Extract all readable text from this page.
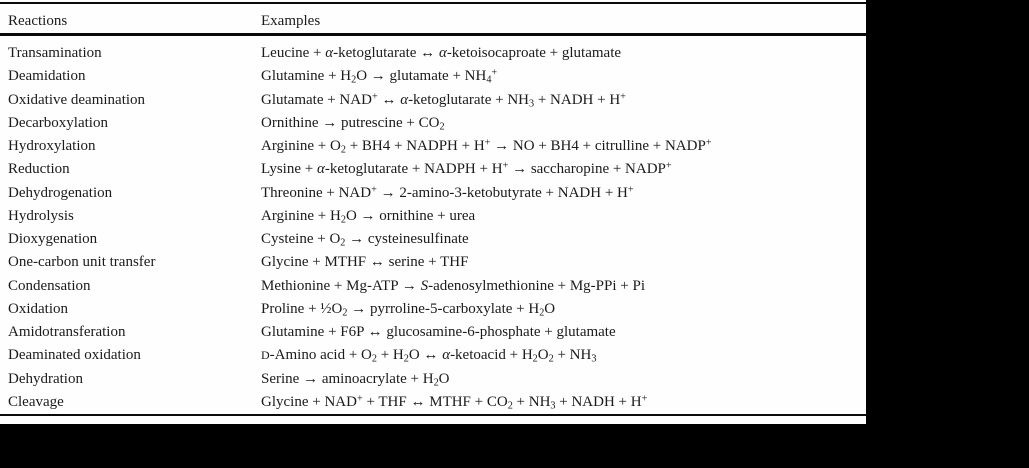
Reactions	Examples
Transamination	Leucine + α-ketoglutarate ↔ α-ketoisocaproate + glutamate
Deamidation	Glutamine + $H_2O$ → glutamate + $NH_4^+$
Oxidative deamination	Glutamate + NAD+ ↔ α-ketoglutarate + $NH_3$ + NADH + H+
Decarboxylation	Ornithine → putrescine + $CO_2$
Hydroxylation	Arginine + $O_2 + BH4$ + NADPH + H+ → NO + BH4 + citrulline + NADP+
Reduction	Lysine + α-ketoglutarate + NADPH + H+ → saccharopine + NADP+
Dehydrogenation	Threonine + NAD+ → 2-amino-3-ketobutyrate + NADH + H+
Hydrolysis	Arginine + $H_2O$ → ornithine + urea
Dioxygenation	Cysteine + $O_2$ → cysteinesulfinate
One-carbon unit transfer	Glycine + MTHF ↔ serine + THF
Condensation	Methionine + Mg-ATP → S-adenosylmethionine + Mg-PPi + Pi
Oxidation	Proline + $\frac{1}{2}O_2$ → pyrroline-5-carboxylate + $H_2O$
Amidotransferation	Glutamine + F6P ↔ glucosamine-6-phosphate + glutamate
Deaminated oxidation	D-Amino acid + $O_2 + H_2O$ ↔ α-ketoacid + $H_2O_2 + NH_3$
Dehydration	Serine → aminoacrylate + $H_2O$
Cleavage	Glycine + NAD+ + THF ↔ MTHF + $CO_2 + NH_3$ + NADH + H+
